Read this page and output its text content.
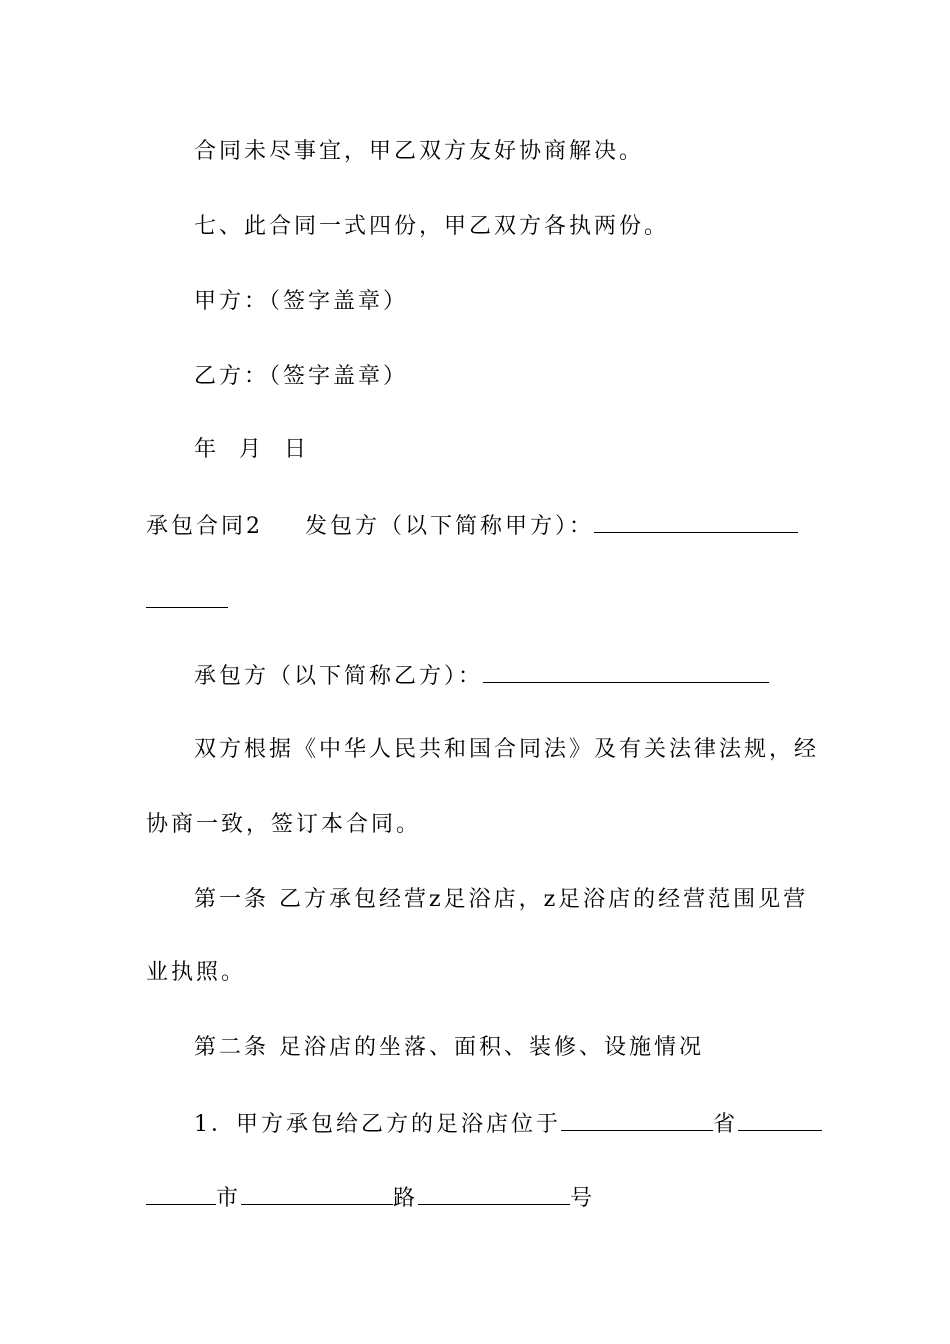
合同未尽事宜，甲乙双方友好协商解决。
七、此合同一式四份，甲乙双方各执两份。
甲方：（签字盖章）
乙方：（签字盖章）
年  月  日
承包合同2 发包方（以下简称甲方）：
承包方（以下简称乙方）：
双方根据《中华人民共和国合同法》及有关法律法规，经
协商一致，签订本合同。
第一条 乙方承包经营z足浴店，z足浴店的经营范围见营
业执照。
第二条 足浴店的坐落、面积、装修、设施情况
1．甲方承包给乙方的足浴店位于	省
市	路	号
